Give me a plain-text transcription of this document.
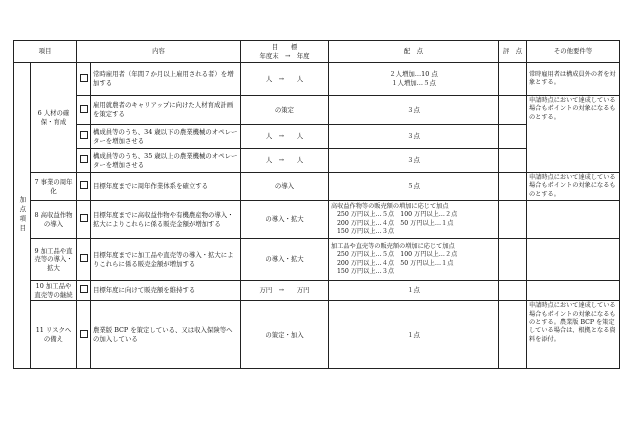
項目		内容		目　　標
年度末　→　年度	配　点	評　点	その他要件等
加点項目	6 人材の確保・育成		常時雇用者（年間７か月以上雇用される者）を増加する	人　→　　人	２人増加…10 点
１人増加…５点		常時雇用者は構成員外の者を対象とする。
			雇用就農者のキャリアップに向けた人材育成計画を策定する	の策定	３点		申請時点において達成している場合もポイントの対象になるものとする。
			構成員等のうち、34 歳以下の農業機械のオペレーターを増加させる	人　→　　人	３点		
			構成員等のうち、35 歳以上の農業機械のオペレーターを増加させる	人　→　　人	３点		
	7 事業の周年化		目標年度までに周年作業体系を確立する	の導入	５点		申請時点において達成している場合もポイントの対象になるものとする。
	8 高収益作物の導入		目標年度までに高収益作物や有機農産物の導入・拡大によりこれらに係る販売金額が増加する	の導入・拡大	高収益作物等の販売額の増加に応じて加点
250 万円以上…５点　100 万円以上…２点
200 万円以上…４点　50 万円以上…１点
150 万円以上…３点		

	9 加工品や直売等の導入・拡大		目標年度までに加工品や直売等の導入・拡大によりこれらに係る販売金額が増加する	の導入・拡大	加工品や直売等の販売額の増加に応じて加点
250 万円以上…５点　100 万円以上…２点
200 万円以上…４点　50 万円以上…１点
150 万円以上…３点		

	10 加工品や直売等の継続		目標年度に向けて販売額を維持する	万円　→　　万円	１点		
	11 リスクへの備え		農業版 BCP を策定している、又は収入保険等への加入している	の策定・加入	１点		申請時点において達成している場合もポイントの対象になるものとする。農業版 BCP を策定している場合は、根拠となる資料を添付。
